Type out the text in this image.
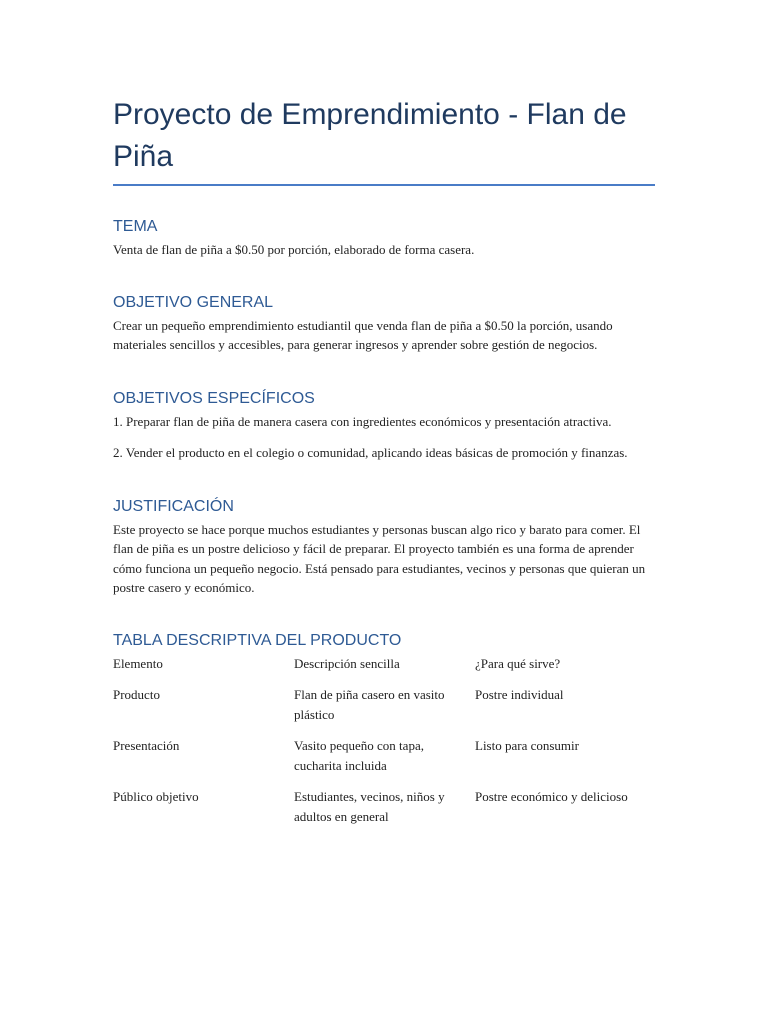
Proyecto de Emprendimiento - Flan de Piña
TEMA

Venta de flan de piña a $0.50 por porción, elaborado de forma casera.

OBJETIVO GENERAL

Crear un pequeño emprendimiento estudiantil que venda flan de piña a $0.50 la porción, usando materiales sencillos y accesibles, para generar ingresos y aprender sobre gestión de negocios.

OBJETIVOS ESPECÍFICOS

1. Preparar flan de piña de manera casera con ingredientes económicos y presentación atractiva.

2. Vender el producto en el colegio o comunidad, aplicando ideas básicas de promoción y finanzas.

JUSTIFICACIÓN

Este proyecto se hace porque muchos estudiantes y personas buscan algo rico y barato para comer. El flan de piña es un postre delicioso y fácil de preparar. El proyecto también es una forma de aprender cómo funciona un pequeño negocio. Está pensado para estudiantes, vecinos y personas que quieran un postre casero y económico.

TABLA DESCRIPTIVA DEL PRODUCTO
Elemento	Descripción sencilla	¿Para qué sirve?
Producto	Flan de piña casero en vasito plástico	Postre individual
Presentación	Vasito pequeño con tapa, cucharita incluida	Listo para consumir
Público objetivo	Estudiantes, vecinos, niños y adultos en general	Postre económico y delicioso
